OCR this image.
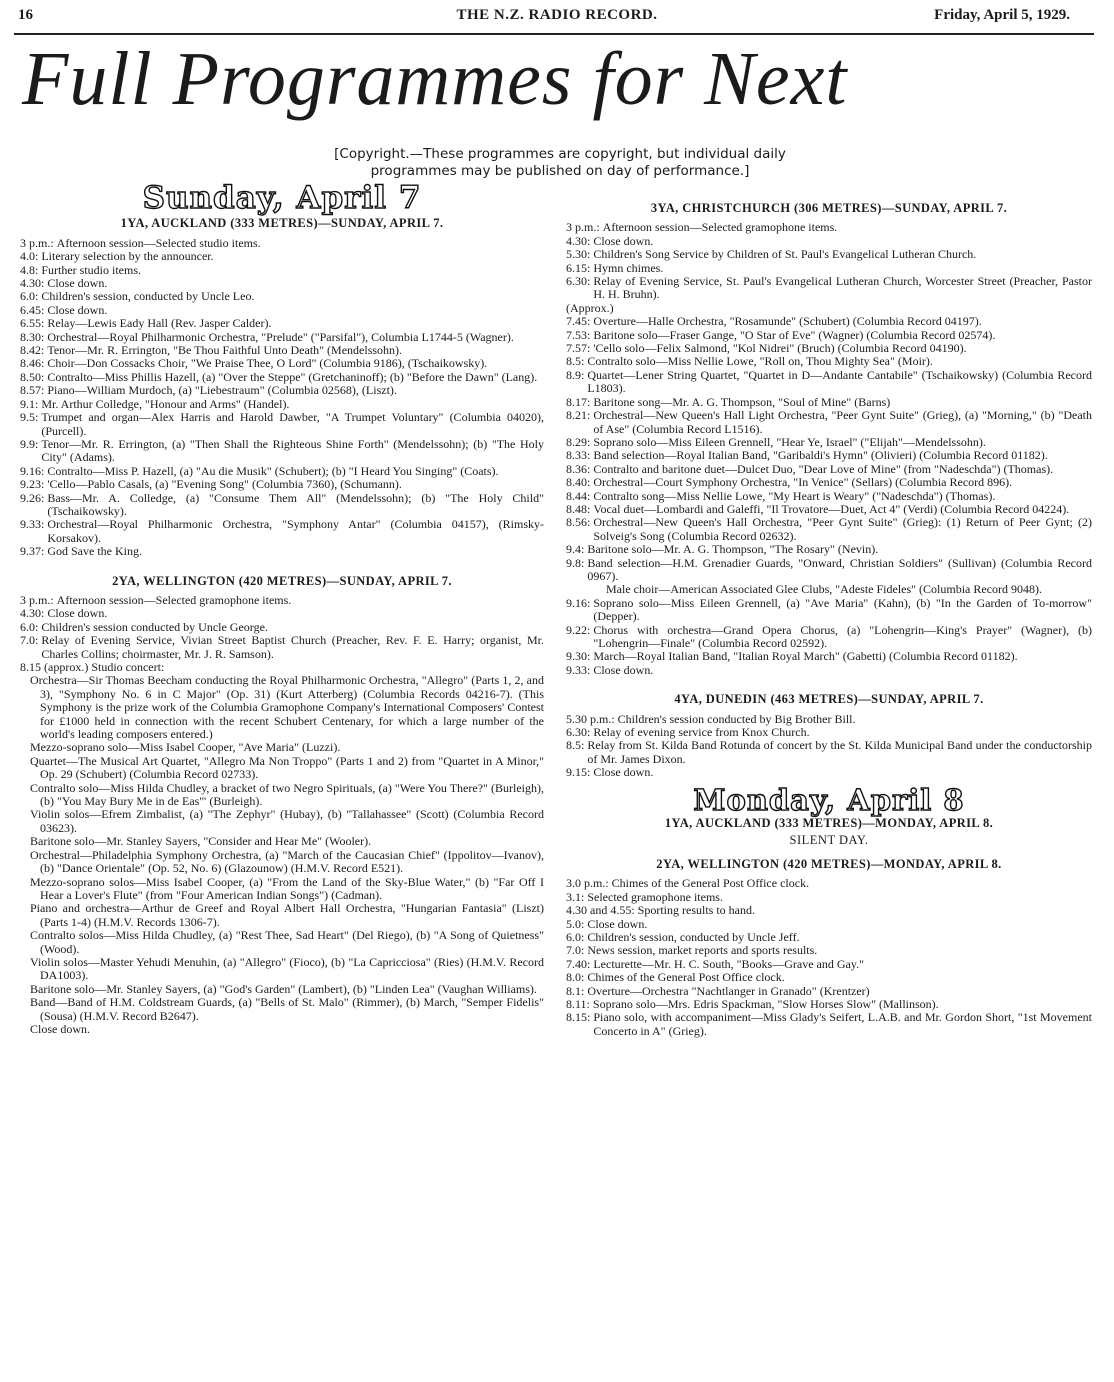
16	THE N.Z. RADIO RECORD.	Friday, April 5, 1929.
Full Programmes for Next
[Copyright.—These programmes are copyright, but individual daily programmes may be published on day of performance.]
Sunday, April 7
1YA, AUCKLAND (333 METRES)—SUNDAY, APRIL 7.
3 p.m.: Afternoon session—Selected studio items.
4.0: Literary selection by the announcer.
4.8: Further studio items.
4.30: Close down.
6.0: Children's session, conducted by Uncle Leo.
6.45: Close down.
6.55: Relay—Lewis Eady Hall (Rev. Jasper Calder).
8.30: Orchestral—Royal Philharmonic Orchestra, "Prelude" ("Parsifal"), Columbia L1744-5 (Wagner).
8.42: Tenor—Mr. R. Errington, "Be Thou Faithful Unto Death" (Mendelssohn).
8.46: Choir—Don Cossacks Choir, "We Praise Thee, O Lord" (Columbia 9186), (Tschaikowsky).
8.50: Contralto—Miss Phillis Hazell, (a) "Over the Steppe" (Gretchaninoff); (b) "Before the Dawn" (Lang).
8.57: Piano—William Murdoch, (a) "Liebestraum" (Columbia 02568), (Liszt).
9.1: Mr. Arthur Colledge, "Honour and Arms" (Handel).
9.5: Trumpet and organ—Alex Harris and Harold Dawber, "A Trumpet Voluntary" (Columbia 04020), (Purcell).
9.9: Tenor—Mr. R. Errington, (a) "Then Shall the Righteous Shine Forth" (Mendelssohn); (b) "The Holy City" (Adams).
9.16: Contralto—Miss P. Hazell, (a) "Au die Musik" (Schubert); (b) "I Heard You Singing" (Coats).
9.23: 'Cello—Pablo Casals, (a) "Evening Song" (Columbia 7360), (Schumann).
9.26: Bass—Mr. A. Colledge, (a) "Consume Them All" (Mendelssohn); (b) "The Holy Child" (Tschaikowsky).
9.33: Orchestral—Royal Philharmonic Orchestra, "Symphony Antar" (Columbia 04157), (Rimsky-Korsakov).
9.37: God Save the King.
2YA, WELLINGTON (420 METRES)—SUNDAY, APRIL 7.
3 p.m.: Afternoon session—Selected gramophone items.
4.30: Close down.
6.0: Children's session conducted by Uncle George.
7.0: Relay of Evening Service, Vivian Street Baptist Church (Preacher, Rev. F. E. Harry; organist, Mr. Charles Collins; choirmaster, Mr. J. R. Samson).
8.15 (approx.) Studio concert:
Orchestra—Sir Thomas Beecham conducting the Royal Philharmonic Orchestra, "Allegro" (Parts 1, 2, and 3), "Symphony No. 6 in C Major" (Op. 31) (Kurt Atterberg) (Columbia Records 04216-7). (This Symphony is the prize work of the Columbia Gramophone Company's International Composers' Contest for £1000 held in connection with the recent Schubert Centenary, for which a large number of the world's leading composers entered.)
Mezzo-soprano solo—Miss Isabel Cooper, "Ave Maria" (Luzzi).
Quartet—The Musical Art Quartet, "Allegro Ma Non Troppo" (Parts 1 and 2) from "Quartet in A Minor," Op. 29 (Schubert) (Columbia Record 02733).
Contralto solo—Miss Hilda Chudley, a bracket of two Negro Spirituals, (a) "Were You There?" (Burleigh), (b) "You May Bury Me in de Eas'" (Burleigh).
Violin solos—Efrem Zimbalist, (a) "The Zephyr" (Hubay), (b) "Tallahassee" (Scott) (Columbia Record 03623).
Baritone solo—Mr. Stanley Sayers, "Consider and Hear Me" (Wooler).
Orchestral—Philadelphia Symphony Orchestra, (a) "March of the Caucasian Chief" (Ippolitov—Ivanov), (b) "Dance Orientale" (Op. 52, No. 6) (Glazounow) (H.M.V. Record E521).
Mezzo-soprano solos—Miss Isabel Cooper, (a) "From the Land of the Sky-Blue Water," (b) "Far Off I Hear a Lover's Flute" (from "Four American Indian Songs") (Cadman).
Piano and orchestra—Arthur de Greef and Royal Albert Hall Orchestra, "Hungarian Fantasia" (Liszt) (Parts 1-4) (H.M.V. Records 1306-7).
Contralto solos—Miss Hilda Chudley, (a) "Rest Thee, Sad Heart" (Del Riego), (b) "A Song of Quietness" (Wood).
Violin solos—Master Yehudi Menuhin, (a) "Allegro" (Fioco), (b) "La Capricciosa" (Ries) (H.M.V. Record DA1003).
Baritone solo—Mr. Stanley Sayers, (a) "God's Garden" (Lambert), (b) "Linden Lea" (Vaughan Williams).
Band—Band of H.M. Coldstream Guards, (a) "Bells of St. Malo" (Rimmer), (b) March, "Semper Fidelis" (Sousa) (H.M.V. Record B2647).
Close down.
3YA, CHRISTCHURCH (306 METRES)—SUNDAY, APRIL 7.
3 p.m.: Afternoon session—Selected gramophone items.
4.30: Close down.
5.30: Children's Song Service by Children of St. Paul's Evangelical Lutheran Church.
6.15: Hymn chimes.
6.30: Relay of Evening Service, St. Paul's Evangelical Lutheran Church, Worcester Street (Preacher, Pastor H. H. Bruhn).
(Approx.)
7.45: Overture—Halle Orchestra, "Rosamunde" (Schubert) (Columbia Record 04197).
7.53: Baritone solo—Fraser Gange, "O Star of Eve" (Wagner) (Columbia Record 02574).
7.57: 'Cello solo—Felix Salmond, "Kol Nidrei" (Bruch) (Columbia Record 04190).
8.5: Contralto solo—Miss Nellie Lowe, "Roll on, Thou Mighty Sea" (Moir).
8.9: Quartet—Lener String Quartet, "Quartet in D—Andante Cantabile" (Tschaikowsky) (Columbia Record L1803).
8.17: Baritone song—Mr. A. G. Thompson, "Soul of Mine" (Barns)
8.21: Orchestral—New Queen's Hall Light Orchestra, "Peer Gynt Suite" (Grieg), (a) "Morning," (b) "Death of Ase" (Columbia Record L1516).
8.29: Soprano solo—Miss Eileen Grennell, "Hear Ye, Israel" ("Elijah"—Mendelssohn).
8.33: Band selection—Royal Italian Band, "Garibaldi's Hymn" (Olivieri) (Columbia Record 01182).
8.36: Contralto and baritone duet—Dulcet Duo, "Dear Love of Mine" (from "Nadeschda") (Thomas).
8.40: Orchestral—Court Symphony Orchestra, "In Venice" (Sellars) (Columbia Record 896).
8.44: Contralto song—Miss Nellie Lowe, "My Heart is Weary" ("Nadeschda") (Thomas).
8.48: Vocal duet—Lombardi and Galeffi, "Il Trovatore—Duet, Act 4" (Verdi) (Columbia Record 04224).
8.56: Orchestral—New Queen's Hall Orchestra, "Peer Gynt Suite" (Grieg): (1) Return of Peer Gynt; (2) Solveig's Song (Columbia Record 02632).
9.4: Baritone solo—Mr. A. G. Thompson, "The Rosary" (Nevin).
9.8: Band selection—H.M. Grenadier Guards, "Onward, Christian Soldiers" (Sullivan) (Columbia Record 0967).
Male choir—American Associated Glee Clubs, "Adeste Fideles" (Columbia Record 9048).
9.16: Soprano solo—Miss Eileen Grennell, (a) "Ave Maria" (Kahn), (b) "In the Garden of To-morrow" (Depper).
9.22: Chorus with orchestra—Grand Opera Chorus, (a) "Lohengrin—King's Prayer" (Wagner), (b) "Lohengrin—Finale" (Columbia Record 02592).
9.30: March—Royal Italian Band, "Italian Royal March" (Gabetti) (Columbia Record 01182).
9.33: Close down.
4YA, DUNEDIN (463 METRES)—SUNDAY, APRIL 7.
5.30 p.m.: Children's session conducted by Big Brother Bill.
6.30: Relay of evening service from Knox Church.
8.5: Relay from St. Kilda Band Rotunda of concert by the St. Kilda Municipal Band under the conductorship of Mr. James Dixon.
9.15: Close down.
Monday, April 8
1YA, AUCKLAND (333 METRES)—MONDAY, APRIL 8.
SILENT DAY.
2YA, WELLINGTON (420 METRES)—MONDAY, APRIL 8.
3.0 p.m.: Chimes of the General Post Office clock.
3.1: Selected gramophone items.
4.30 and 4.55: Sporting results to hand.
5.0: Close down.
6.0: Children's session, conducted by Uncle Jeff.
7.0: News session, market reports and sports results.
7.40: Lecturette—Mr. H. C. South, "Books—Grave and Gay."
8.0: Chimes of the General Post Office clock.
8.1: Overture—Orchestra "Nachtlanger in Granado" (Krentzer)
8.11: Soprano solo—Mrs. Edris Spackman, "Slow Horses Slow" (Mallinson).
8.15: Piano solo, with accompaniment—Miss Glady's Seifert, L.A.B. and Mr. Gordon Short, "1st Movement Concerto in A" (Grieg).
